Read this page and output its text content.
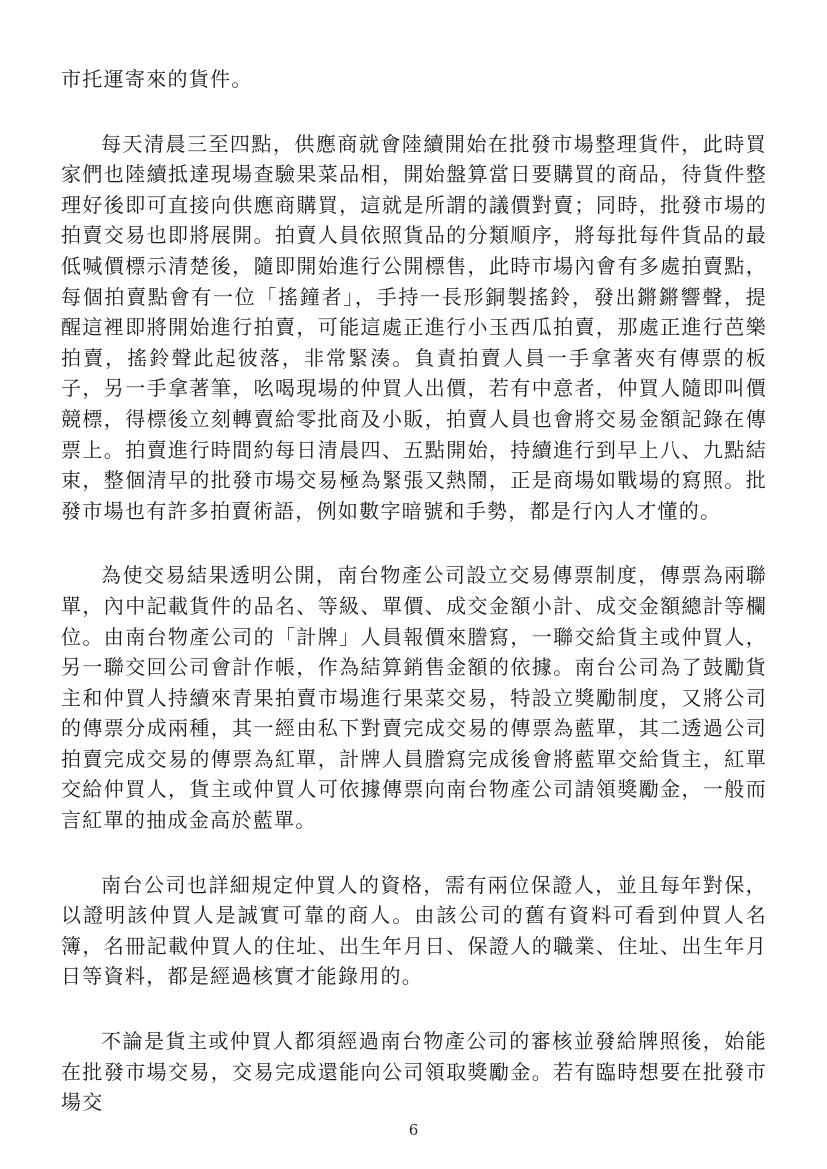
市托運寄來的貨件。

每天清晨三至四點，供應商就會陸續開始在批發市場整理貨件，此時買家們也陸續抵達現場查驗果菜品相，開始盤算當日要購買的商品，待貨件整理好後即可直接向供應商購買，這就是所謂的議價對賣；同時，批發市場的拍賣交易也即將展開。拍賣人員依照貨品的分類順序，將每批每件貨品的最低喊價標示清楚後，隨即開始進行公開標售，此時市場內會有多處拍賣點，每個拍賣點會有一位「搖鐘者」，手持一長形銅製搖鈴，發出鏘鏘響聲，提醒這裡即將開始進行拍賣，可能這處正進行小玉西瓜拍賣，那處正進行芭樂拍賣，搖鈴聲此起彼落，非常緊湊。負責拍賣人員一手拿著夾有傳票的板子，另一手拿著筆，吆喝現場的仲買人出價，若有中意者，仲買人隨即叫價競標，得標後立刻轉賣給零批商及小販，拍賣人員也會將交易金額記錄在傳票上。拍賣進行時間約每日清晨四、五點開始，持續進行到早上八、九點結束，整個清早的批發市場交易極為緊張又熱鬧，正是商場如戰場的寫照。批發市場也有許多拍賣術語，例如數字暗號和手勢，都是行內人才懂的。

為使交易結果透明公開，南台物產公司設立交易傳票制度，傳票為兩聯單，內中記載貨件的品名、等級、單價、成交金額小計、成交金額總計等欄位。由南台物產公司的「計牌」人員報價來謄寫，一聯交給貨主或仲買人，另一聯交回公司會計作帳，作為結算銷售金額的依據。南台公司為了鼓勵貨主和仲買人持續來青果拍賣市場進行果菜交易，特設立獎勵制度，又將公司的傳票分成兩種，其一經由私下對賣完成交易的傳票為藍單，其二透過公司拍賣完成交易的傳票為紅單，計牌人員謄寫完成後會將藍單交給貨主，紅單交給仲買人，貨主或仲買人可依據傳票向南台物產公司請領獎勵金，一般而言紅單的抽成金高於藍單。

南台公司也詳細規定仲買人的資格，需有兩位保證人，並且每年對保，以證明該仲買人是誠實可靠的商人。由該公司的舊有資料可看到仲買人名簿，名冊記載仲買人的住址、出生年月日、保證人的職業、住址、出生年月日等資料，都是經過核實才能錄用的。

不論是貨主或仲買人都須經過南台物產公司的審核並發給牌照後，始能在批發市場交易，交易完成還能向公司領取獎勵金。若有臨時想要在批發市場交

6
